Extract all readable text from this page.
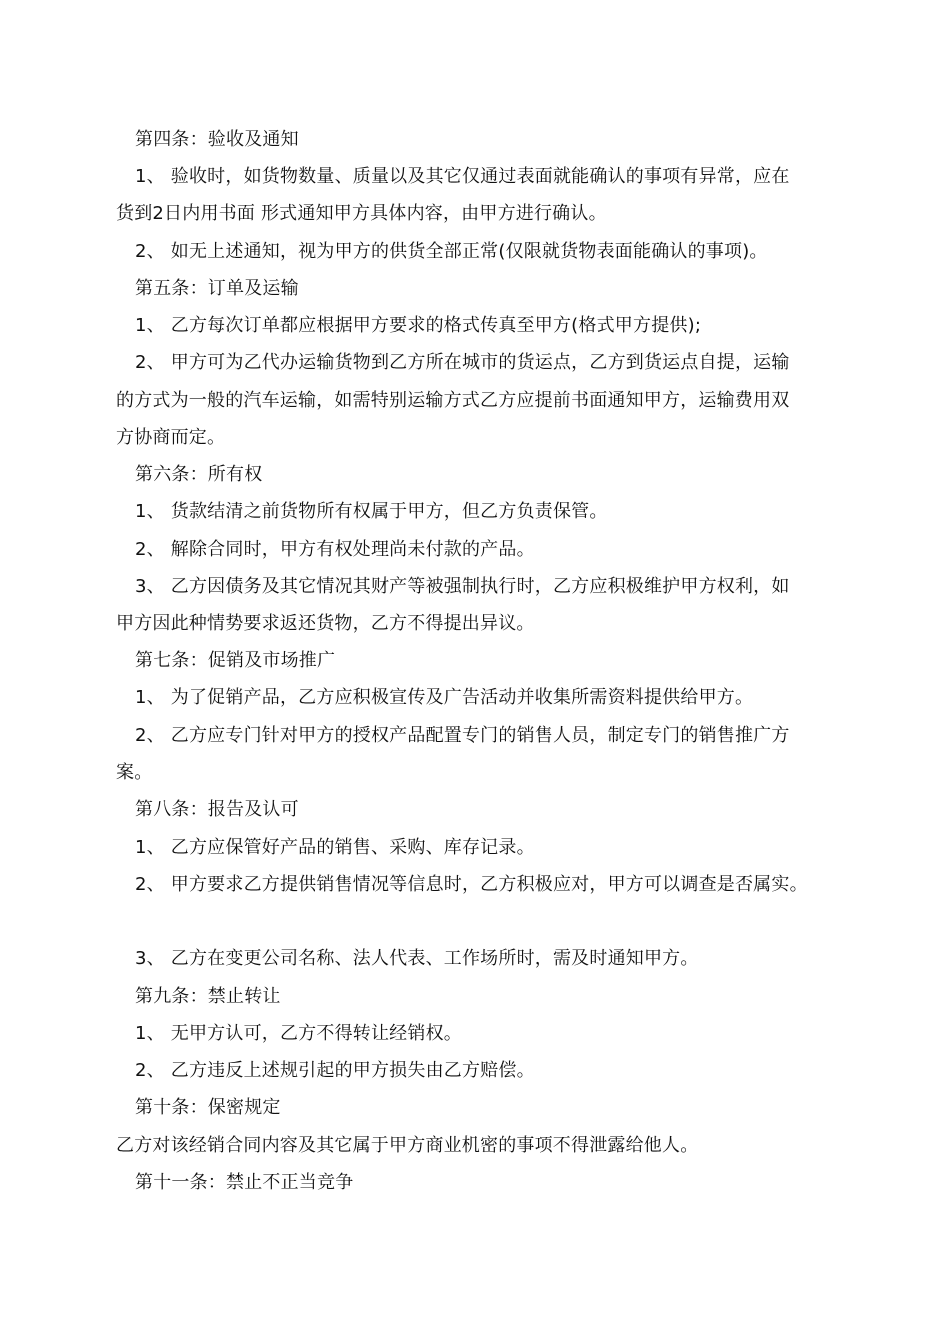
第四条：验收及通知
1、 验收时，如货物数量、质量以及其它仅通过表面就能确认的事项有异常，应在
货到2日内用书面 形式通知甲方具体内容，由甲方进行确认。
2、 如无上述通知，视为甲方的供货全部正常(仅限就货物表面能确认的事项)。
第五条：订单及运输
1、 乙方每次订单都应根据甲方要求的格式传真至甲方(格式甲方提供);
2、 甲方可为乙代办运输货物到乙方所在城市的货运点，乙方到货运点自提，运输
的方式为一般的汽车运输，如需特别运输方式乙方应提前书面通知甲方，运输费用双
方协商而定。
第六条：所有权
1、 货款结清之前货物所有权属于甲方，但乙方负责保管。
2、 解除合同时，甲方有权处理尚未付款的产品。
3、 乙方因债务及其它情况其财产等被强制执行时，乙方应积极维护甲方权利，如
甲方因此种情势要求返还货物，乙方不得提出异议。
第七条：促销及市场推广
1、 为了促销产品，乙方应积极宣传及广告活动并收集所需资料提供给甲方。
2、 乙方应专门针对甲方的授权产品配置专门的销售人员，制定专门的销售推广方
案。
第八条：报告及认可
1、 乙方应保管好产品的销售、采购、库存记录。
2、 甲方要求乙方提供销售情况等信息时，乙方积极应对，甲方可以调查是否属实。
3、 乙方在变更公司名称、法人代表、工作场所时，需及时通知甲方。
第九条：禁止转让
1、 无甲方认可，乙方不得转让经销权。
2、 乙方违反上述规引起的甲方损失由乙方赔偿。
第十条：保密规定
乙方对该经销合同内容及其它属于甲方商业机密的事项不得泄露给他人。
第十一条：禁止不正当竞争
